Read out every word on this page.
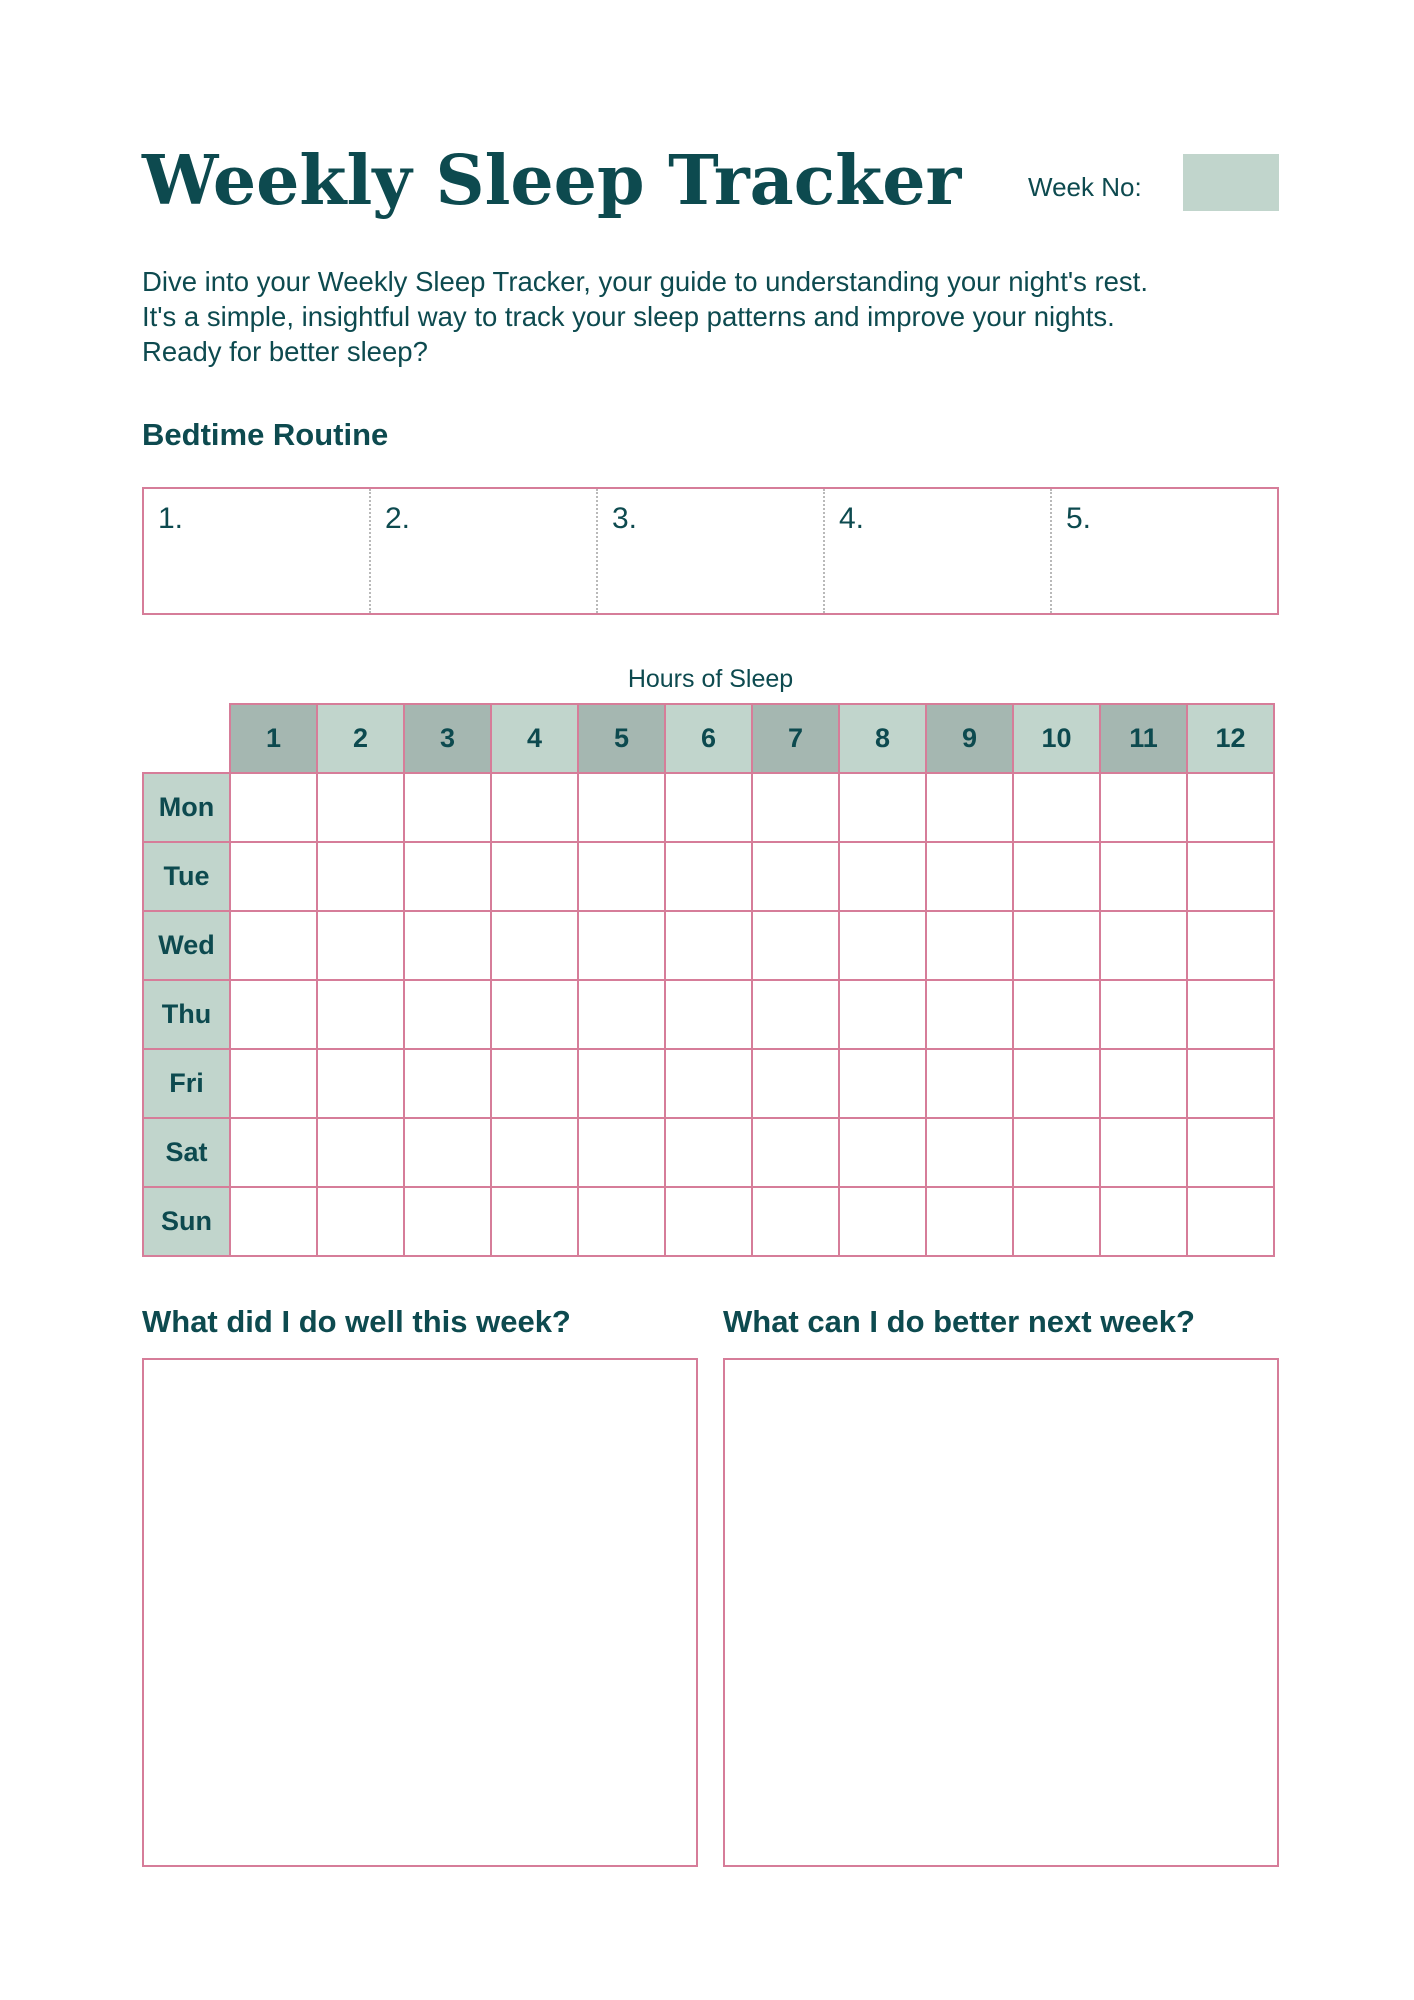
Weekly Sleep Tracker	Week No:

Dive into your Weekly Sleep Tracker, your guide to understanding your night's rest.
It's a simple, insightful way to track your sleep patterns and improve your nights.
Ready for better sleep?

Bedtime Routine
1.	2.	3.	4.	5.
Hours of Sleep
	1	2	3	4	5	6	7	8	9	10	11	12
Mon												
Tue												
Wed												
Thu												
Fri												
Sat												
Sun												
What did I do well this week?	What can I do better next week?
